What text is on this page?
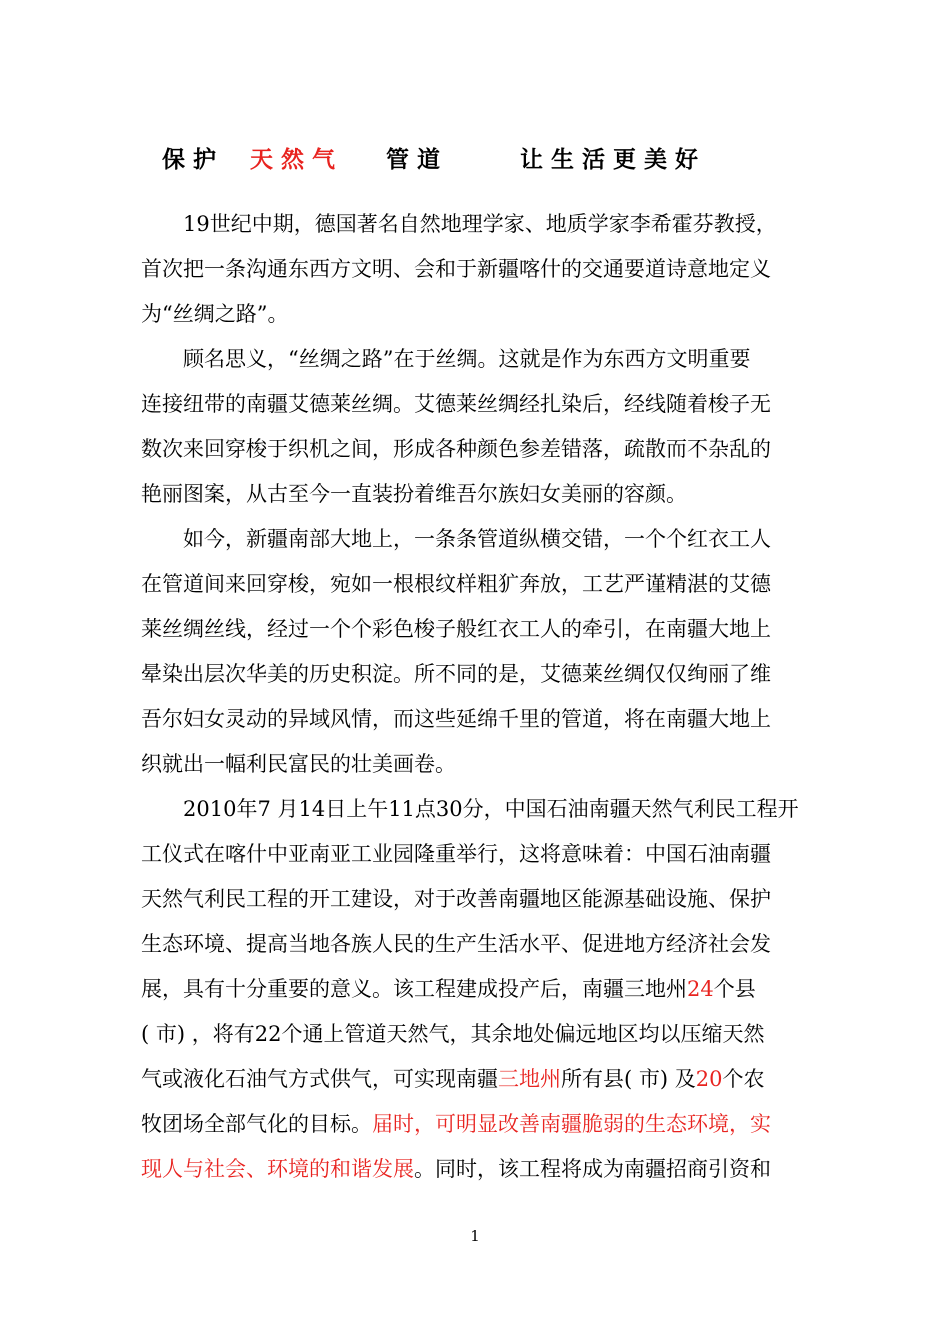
保 护 天 然 气 管 道	让 生 活 更 美 好

　　19世纪中期，德国著名自然地理学家、地质学家李希霍芬教授，
首次把一条沟通东西方文明、会和于新疆喀什的交通要道诗意地定义
为“丝绸之路”。

　　顾名思义，“丝绸之路”在于丝绸。这就是作为东西方文明重要
连接纽带的南疆艾德莱丝绸。艾德莱丝绸经扎染后，经线随着梭子无
数次来回穿梭于织机之间，形成各种颜色参差错落，疏散而不杂乱的
艳丽图案，从古至今一直装扮着维吾尔族妇女美丽的容颜。

　　如今，新疆南部大地上，一条条管道纵横交错，一个个红衣工人
在管道间来回穿梭，宛如一根根纹样粗犷奔放，工艺严谨精湛的艾德
莱丝绸丝线，经过一个个彩色梭子般红衣工人的牵引，在南疆大地上
晕染出层次华美的历史积淀。所不同的是，艾德莱丝绸仅仅绚丽了维
吾尔妇女灵动的异域风情，而这些延绵千里的管道，将在南疆大地上
织就出一幅利民富民的壮美画卷。

　　2010年7 月14日上午11点30分，中国石油南疆天然气利民工程开
工仪式在喀什中亚南亚工业园隆重举行，这将意味着：中国石油南疆
天然气利民工程的开工建设，对于改善南疆地区能源基础设施、保护
生态环境、提高当地各族人民的生产生活水平、促进地方经济社会发
展，具有十分重要的意义。该工程建成投产后，南疆三地州24个县
( 市) ，将有22个通上管道天然气，其余地处偏远地区均以压缩天然
气或液化石油气方式供气，可实现南疆三地州所有县( 市) 及20个农
牧团场全部气化的目标。届时，可明显改善南疆脆弱的生态环境，实
现人与社会、环境的和谐发展。同时，该工程将成为南疆招商引资和

1
